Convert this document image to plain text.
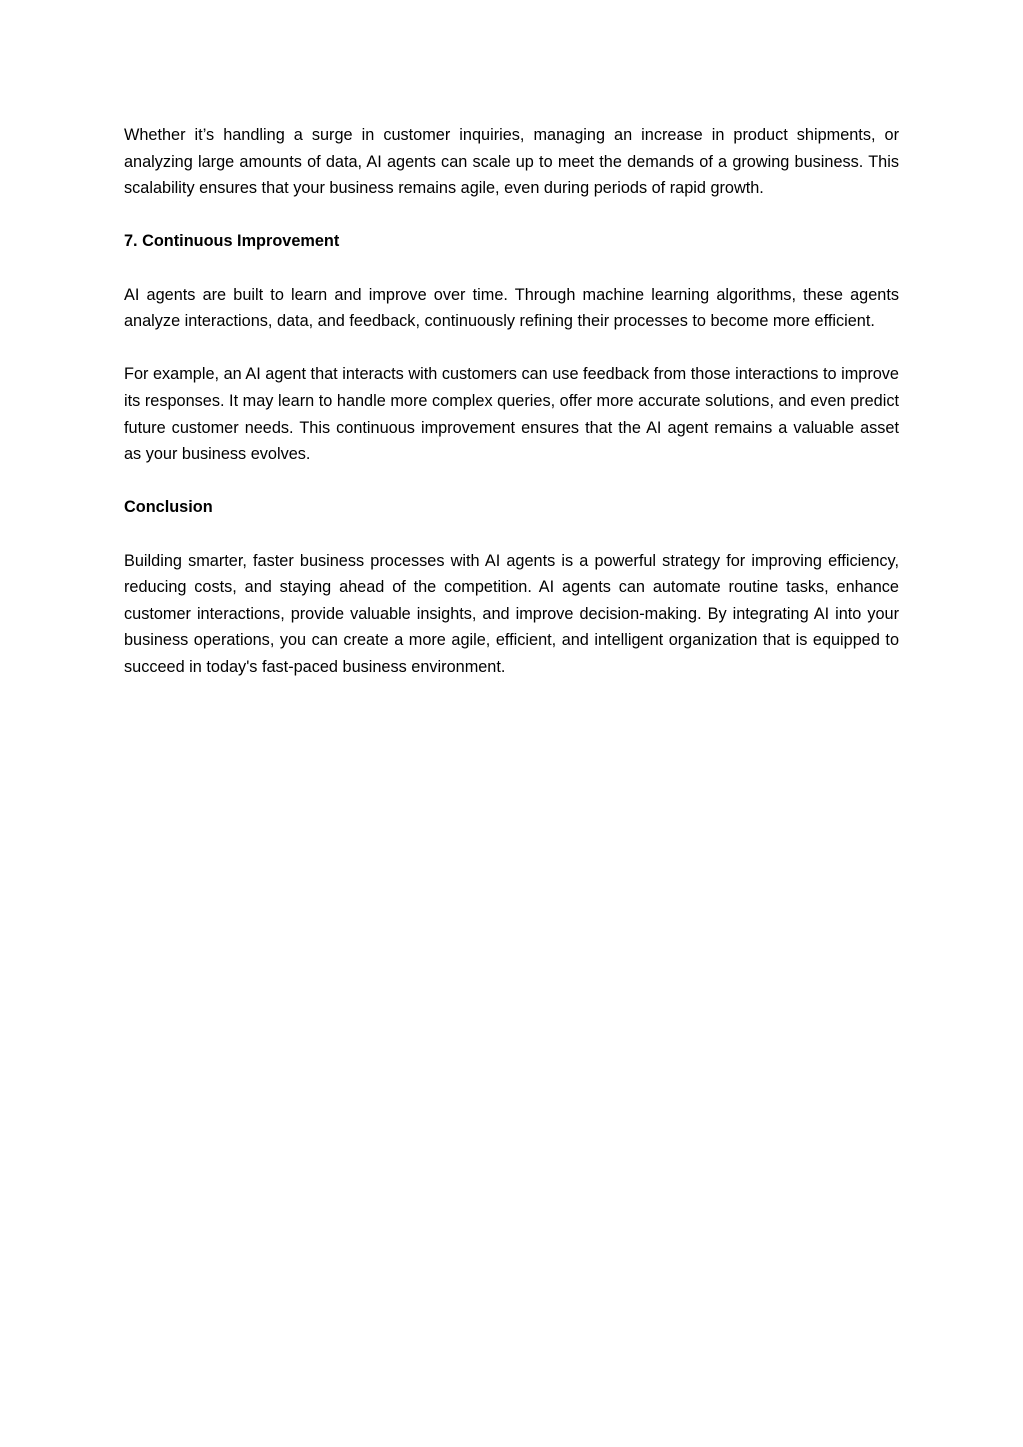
Whether it’s handling a surge in customer inquiries, managing an increase in product shipments, or analyzing large amounts of data, AI agents can scale up to meet the demands of a growing business. This scalability ensures that your business remains agile, even during periods of rapid growth.

7. Continuous Improvement

AI agents are built to learn and improve over time. Through machine learning algorithms, these agents analyze interactions, data, and feedback, continuously refining their processes to become more efficient.

For example, an AI agent that interacts with customers can use feedback from those interactions to improve its responses. It may learn to handle more complex queries, offer more accurate solutions, and even predict future customer needs. This continuous improvement ensures that the AI agent remains a valuable asset as your business evolves.

Conclusion

Building smarter, faster business processes with AI agents is a powerful strategy for improving efficiency, reducing costs, and staying ahead of the competition. AI agents can automate routine tasks, enhance customer interactions, provide valuable insights, and improve decision-making. By integrating AI into your business operations, you can create a more agile, efficient, and intelligent organization that is equipped to succeed in today's fast-paced business environment.
